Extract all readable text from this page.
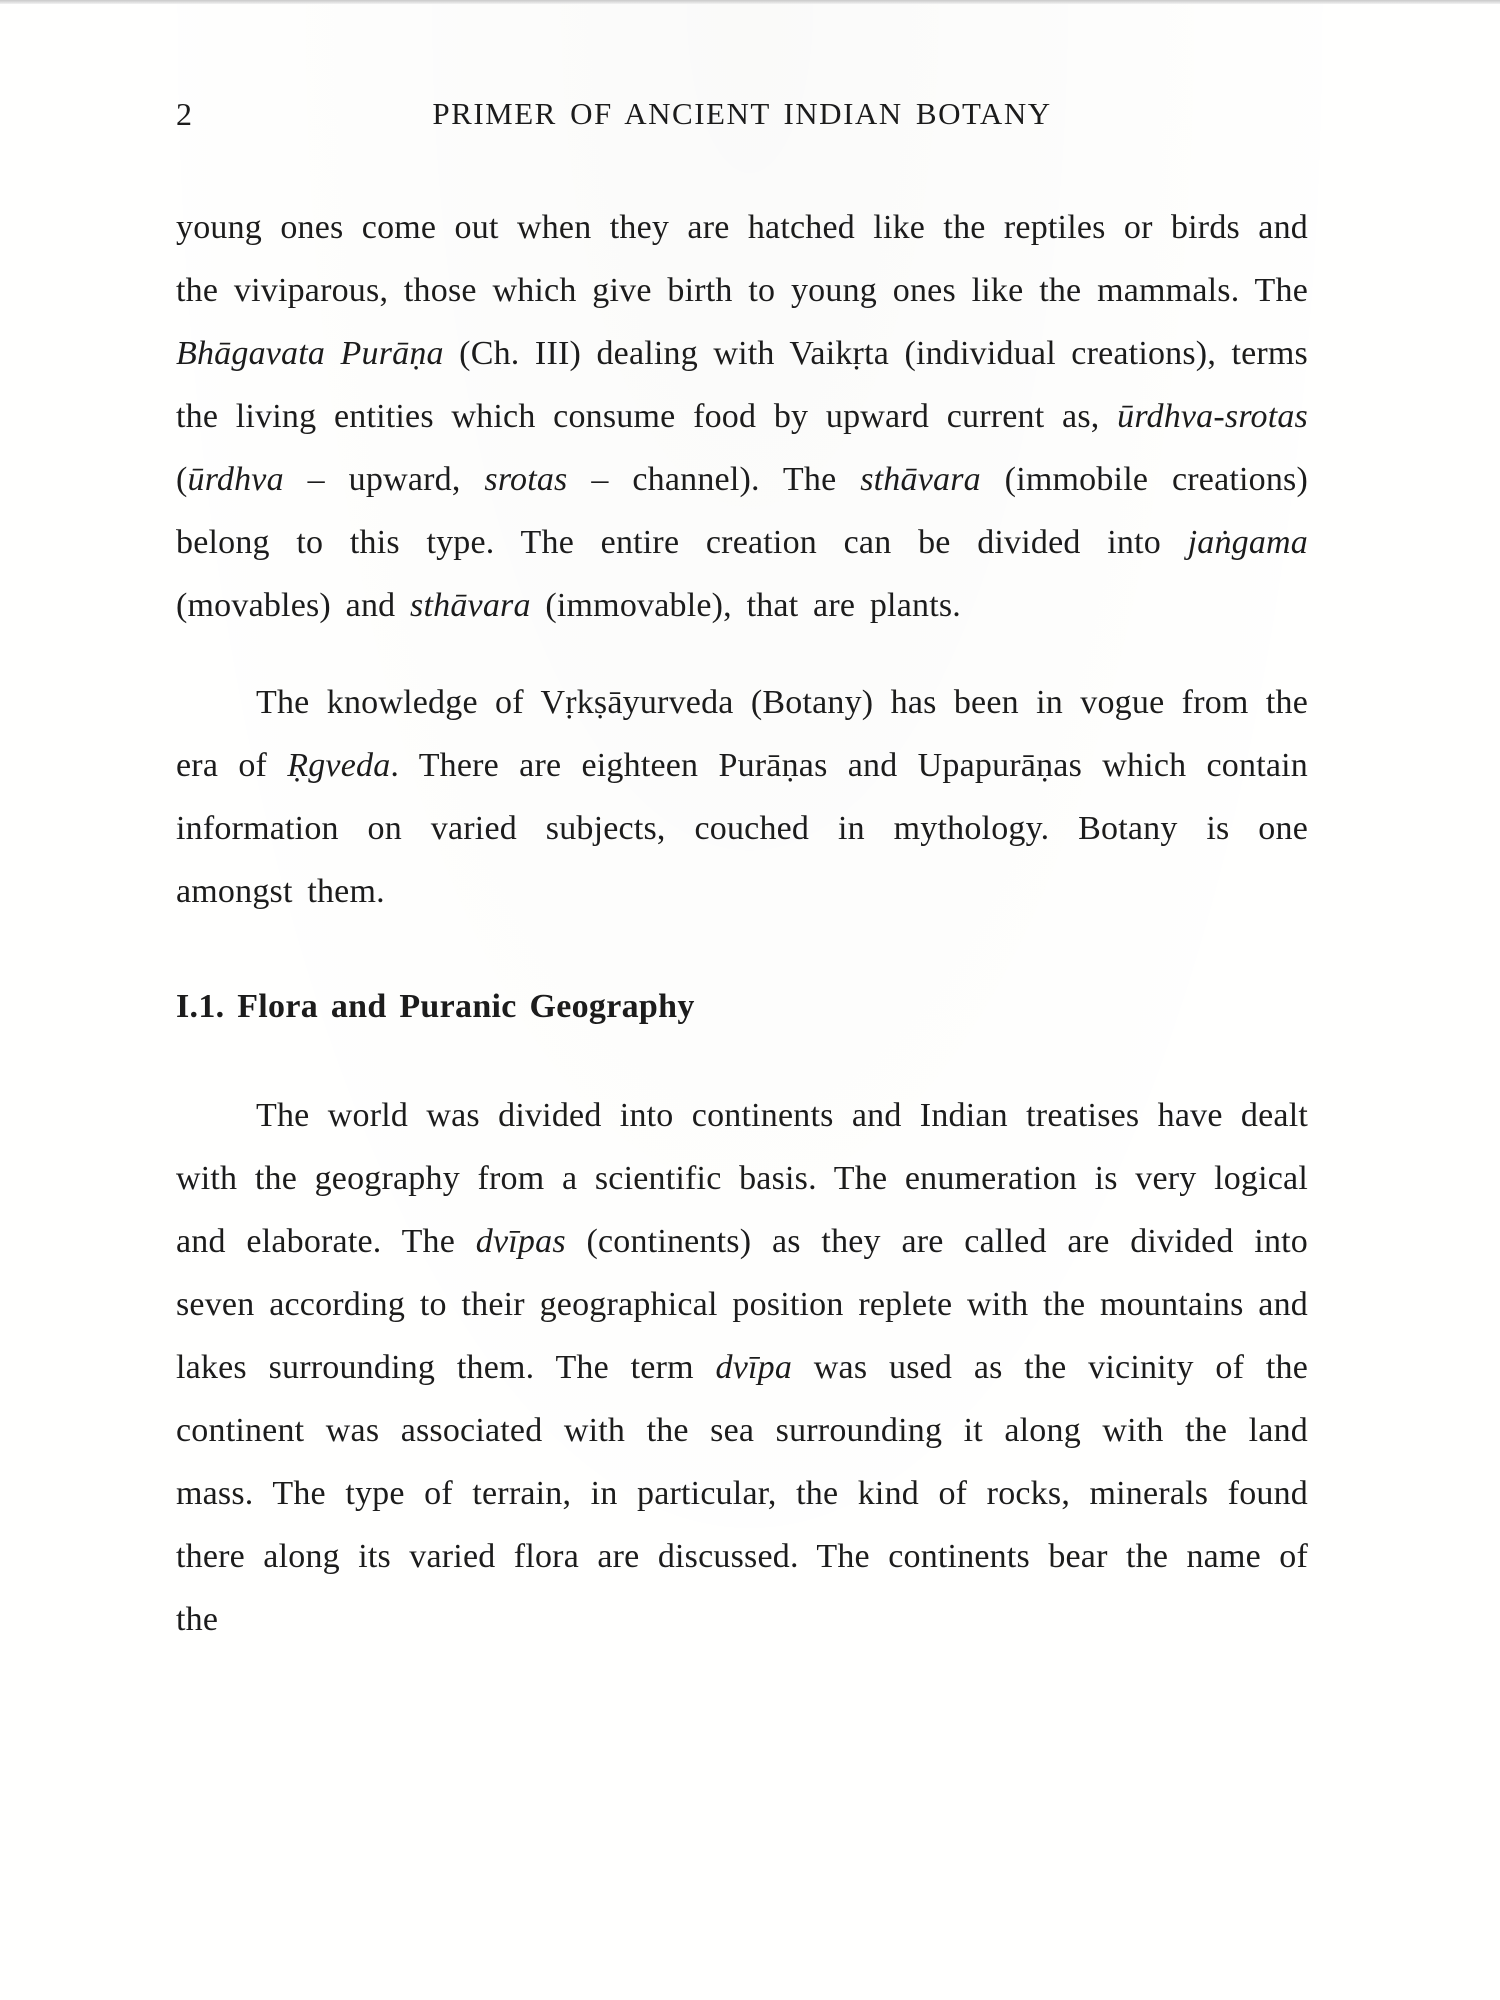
2	PRIMER OF ANCIENT INDIAN BOTANY

young ones come out when they are hatched like the reptiles or birds and the viviparous, those which give birth to young ones like the mammals. The Bhāgavata Purāṇa (Ch. III) dealing with Vaikṛta (individual creations), terms the living entities which consume food by upward current as, ūrdhva-srotas (ūrdhva – upward, srotas – channel). The sthāvara (immobile creations) belong to this type. The entire creation can be divided into jaṅgama (movables) and sthāvara (immovable), that are plants.

The knowledge of Vṛkṣāyurveda (Botany) has been in vogue from the era of Ṛgveda. There are eighteen Purāṇas and Upapurāṇas which contain information on varied subjects, couched in mythology. Botany is one amongst them.

I.1. Flora and Puranic Geography

The world was divided into continents and Indian treatises have dealt with the geography from a scientific basis. The enumeration is very logical and elaborate. The dvīpas (continents) as they are called are divided into seven according to their geographical position replete with the mountains and lakes surrounding them. The term dvīpa was used as the vicinity of the continent was associated with the sea surrounding it along with the land mass. The type of terrain, in particular, the kind of rocks, minerals found there along its varied flora are discussed. The continents bear the name of the
